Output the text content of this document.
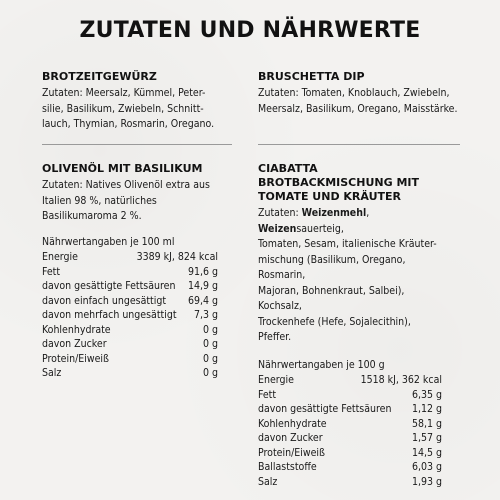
ZUTATEN UND NÄHRWERTE
BROTZEITGEWÜRZ

Zutaten: Meersalz, Kümmel, Peter-

silie, Basilikum, Zwiebeln, Schnitt-

lauch, Thymian, Rosmarin, Oregano.

BRUSCHETTA DIP

Zutaten: Tomaten, Knoblauch, Zwiebeln,

Meersalz, Basilikum, Oregano, Maisstärke.

OLIVENÖL MIT BASILIKUM

Zutaten: Natives Olivenöl extra aus

Italien 98 %, natürliches

Basilikumaroma 2 %.

Nährwertangaben je 100 ml
Energie	3389 kJ, 824 kcal
Fett	91,6 g
davon gesättigte Fettsäuren 14,9 g
davon einfach ungesättigt 69,4 g
davon mehrfach ungesättigt 7,3 g
Kohlenhydrate	0 g
davon Zucker	0 g
Protein/Eiweiß	0 g
Salz	0 g
CIABATTA BROTBACKMISCHUNG MIT
TOMATE UND KRÄUTER

Zutaten: Weizenmehl, Weizensauerteig,

Tomaten, Sesam, italienische Kräuter-

mischung (Basilikum, Oregano, Rosmarin,

Majoran, Bohnenkraut, Salbei), Kochsalz,

Trockenhefe (Hefe, Sojalecithin), Pfeffer.

Nährwertangaben je 100 g
Energie	1518 kJ, 362 kcal
Fett	6,35 g
davon gesättigte Fettsäuren 1,12 g
Kohlenhydrate	58,1 g
davon Zucker	1,57 g
Protein/Eiweiß	14,5 g
Ballaststoffe	6,03 g
Salz	1,93 g
